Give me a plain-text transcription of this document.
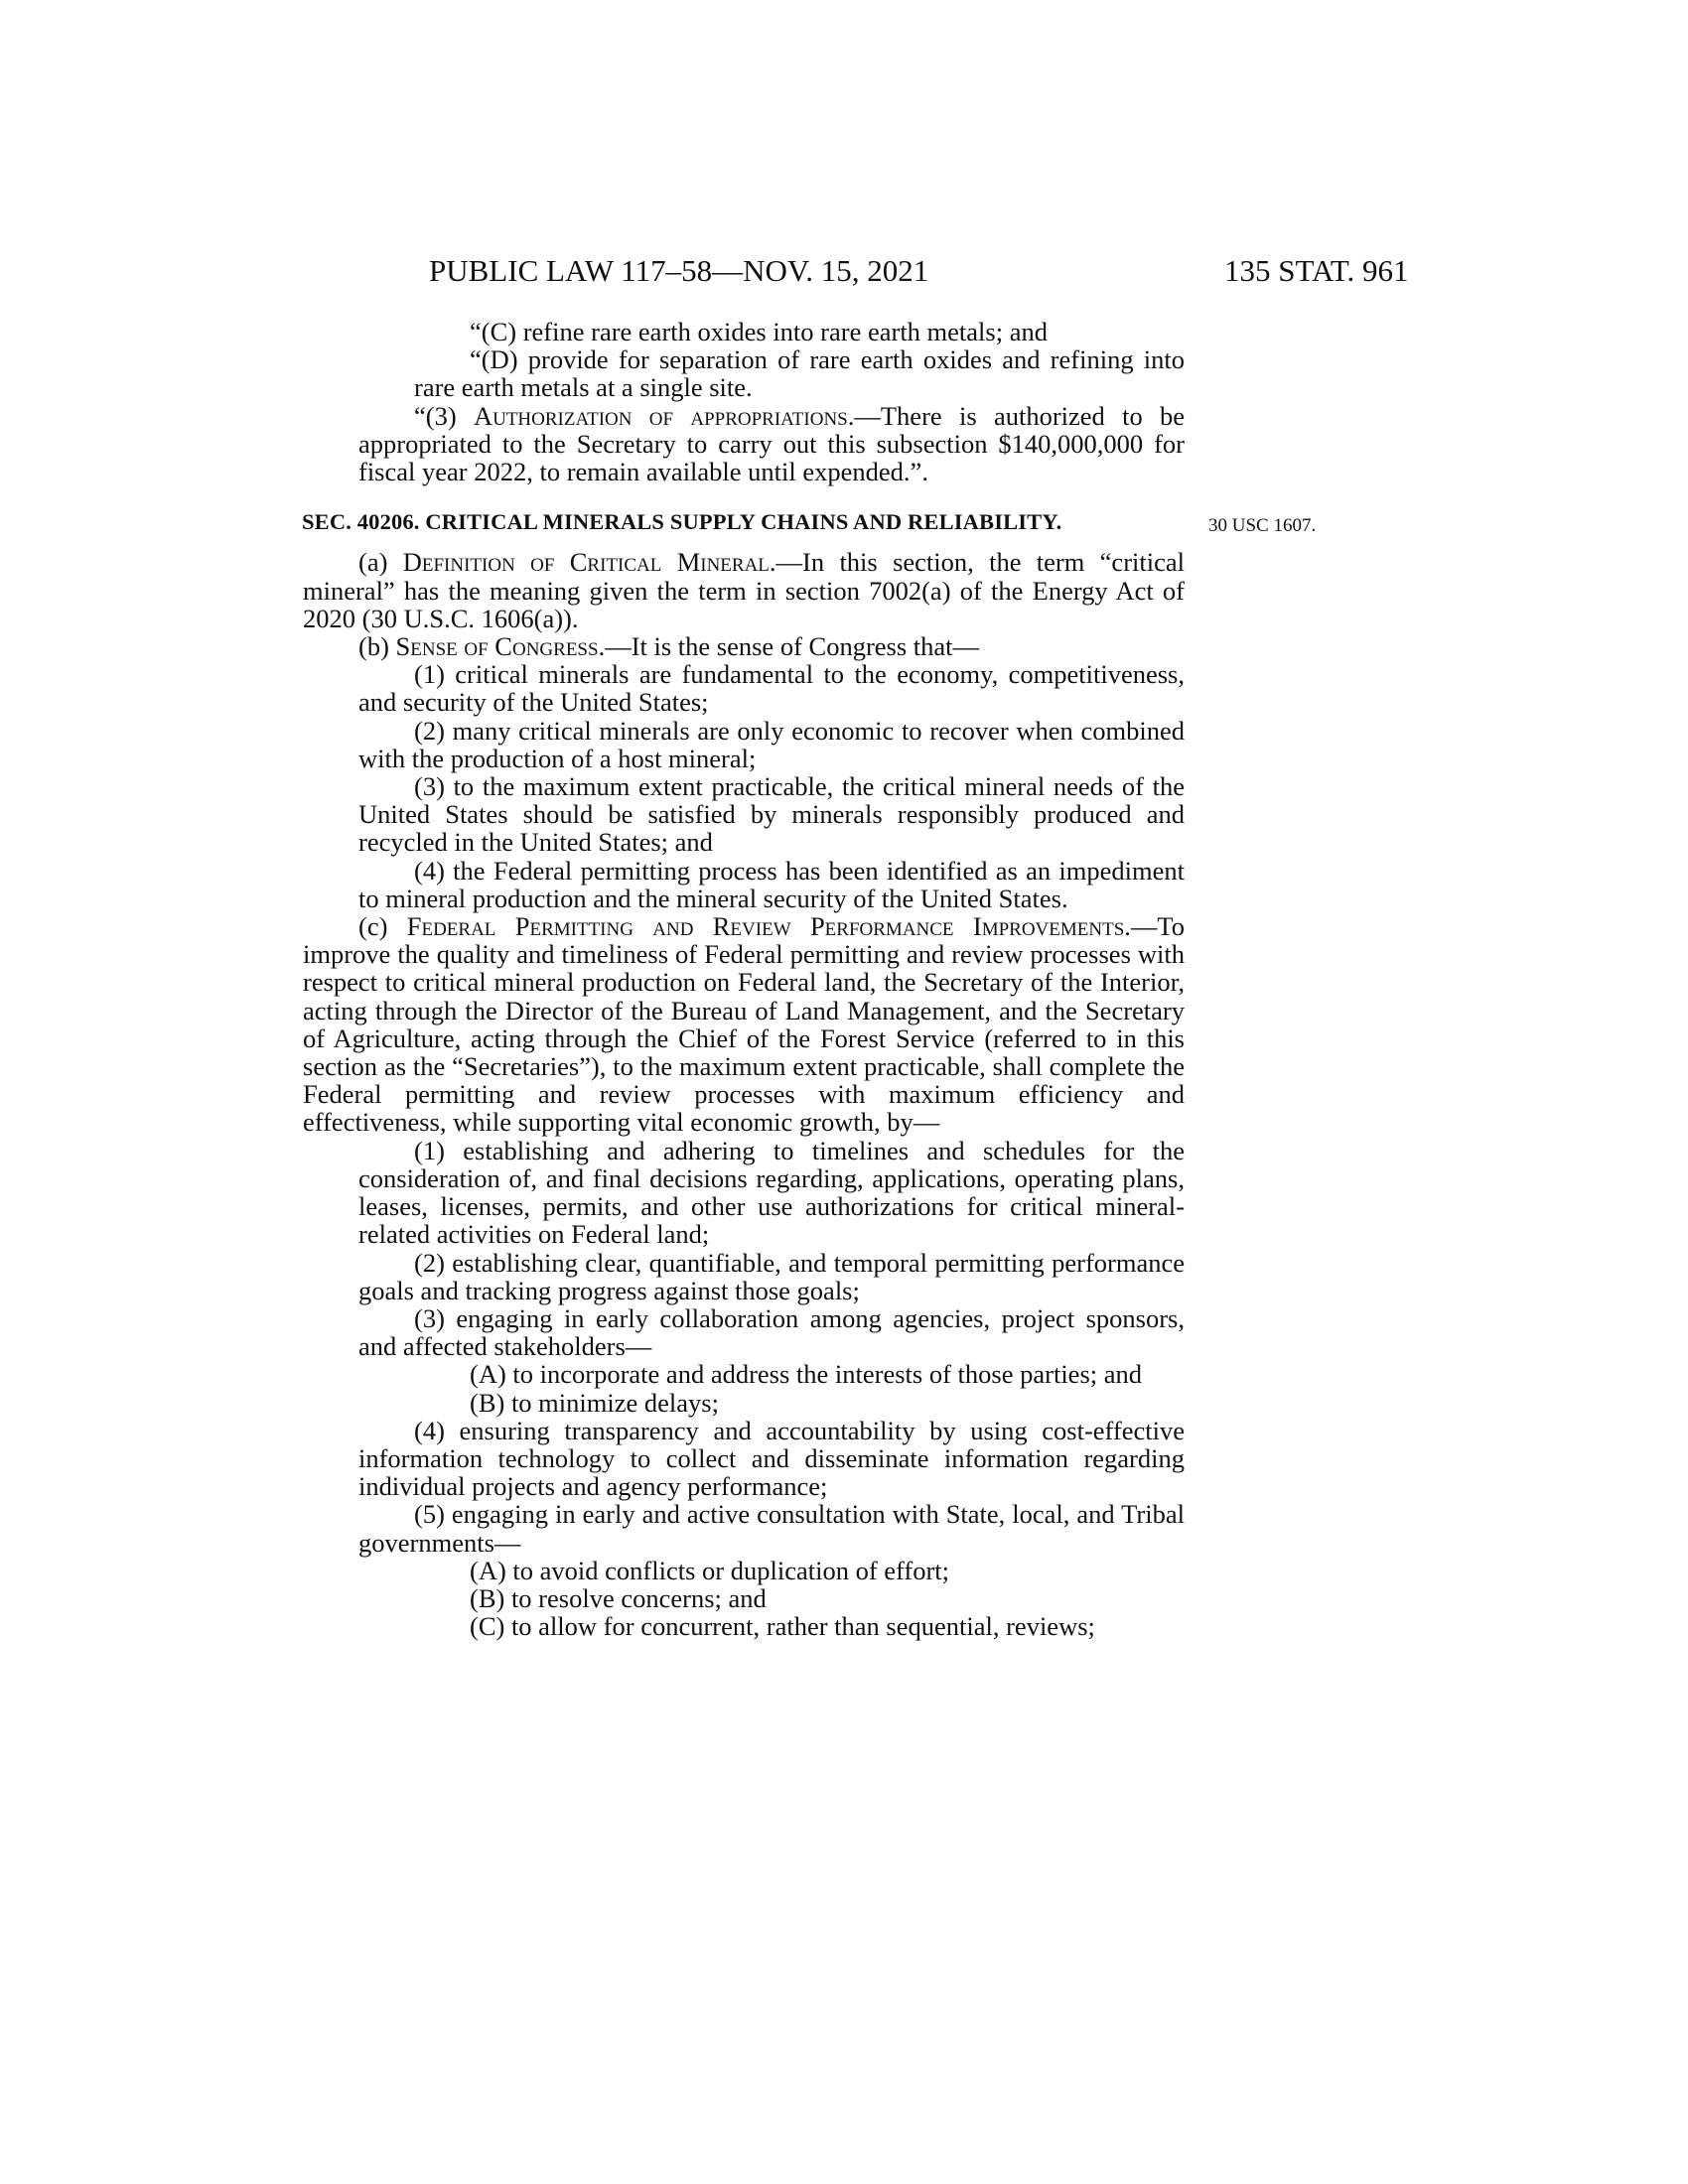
PUBLIC LAW 117–58—NOV. 15, 2021	135 STAT. 961

“(C) refine rare earth oxides into rare earth metals; and

“(D) provide for separation of rare earth oxides and refining into rare earth metals at a single site.

“(3) Authorization of appropriations.—There is authorized to be appropriated to the Secretary to carry out this subsection $140,000,000 for fiscal year 2022, to remain available until expended.”.

SEC. 40206. CRITICAL MINERALS SUPPLY CHAINS AND RELIABILITY.	30 USC 1607.

(a) Definition of Critical Mineral.—In this section, the term “critical mineral” has the meaning given the term in section 7002(a) of the Energy Act of 2020 (30 U.S.C. 1606(a)).

(b) Sense of Congress.—It is the sense of Congress that—

(1) critical minerals are fundamental to the economy, competitiveness, and security of the United States;

(2) many critical minerals are only economic to recover when combined with the production of a host mineral;

(3) to the maximum extent practicable, the critical mineral needs of the United States should be satisfied by minerals responsibly produced and recycled in the United States; and

(4) the Federal permitting process has been identified as an impediment to mineral production and the mineral security of the United States.

(c) Federal Permitting and Review Performance Improvements.—To improve the quality and timeliness of Federal permitting and review processes with respect to critical mineral production on Federal land, the Secretary of the Interior, acting through the Director of the Bureau of Land Management, and the Secretary of Agriculture, acting through the Chief of the Forest Service (referred to in this section as the “Secretaries”), to the maximum extent practicable, shall complete the Federal permitting and review processes with maximum efficiency and effectiveness, while supporting vital economic growth, by—

(1) establishing and adhering to timelines and schedules for the consideration of, and final decisions regarding, applications, operating plans, leases, licenses, permits, and other use authorizations for critical mineral-related activities on Federal land;

(2) establishing clear, quantifiable, and temporal permitting performance goals and tracking progress against those goals;

(3) engaging in early collaboration among agencies, project sponsors, and affected stakeholders—

(A) to incorporate and address the interests of those parties; and

(B) to minimize delays;

(4) ensuring transparency and accountability by using cost-effective information technology to collect and disseminate information regarding individual projects and agency performance;

(5) engaging in early and active consultation with State, local, and Tribal governments—

(A) to avoid conflicts or duplication of effort;

(B) to resolve concerns; and

(C) to allow for concurrent, rather than sequential, reviews;
